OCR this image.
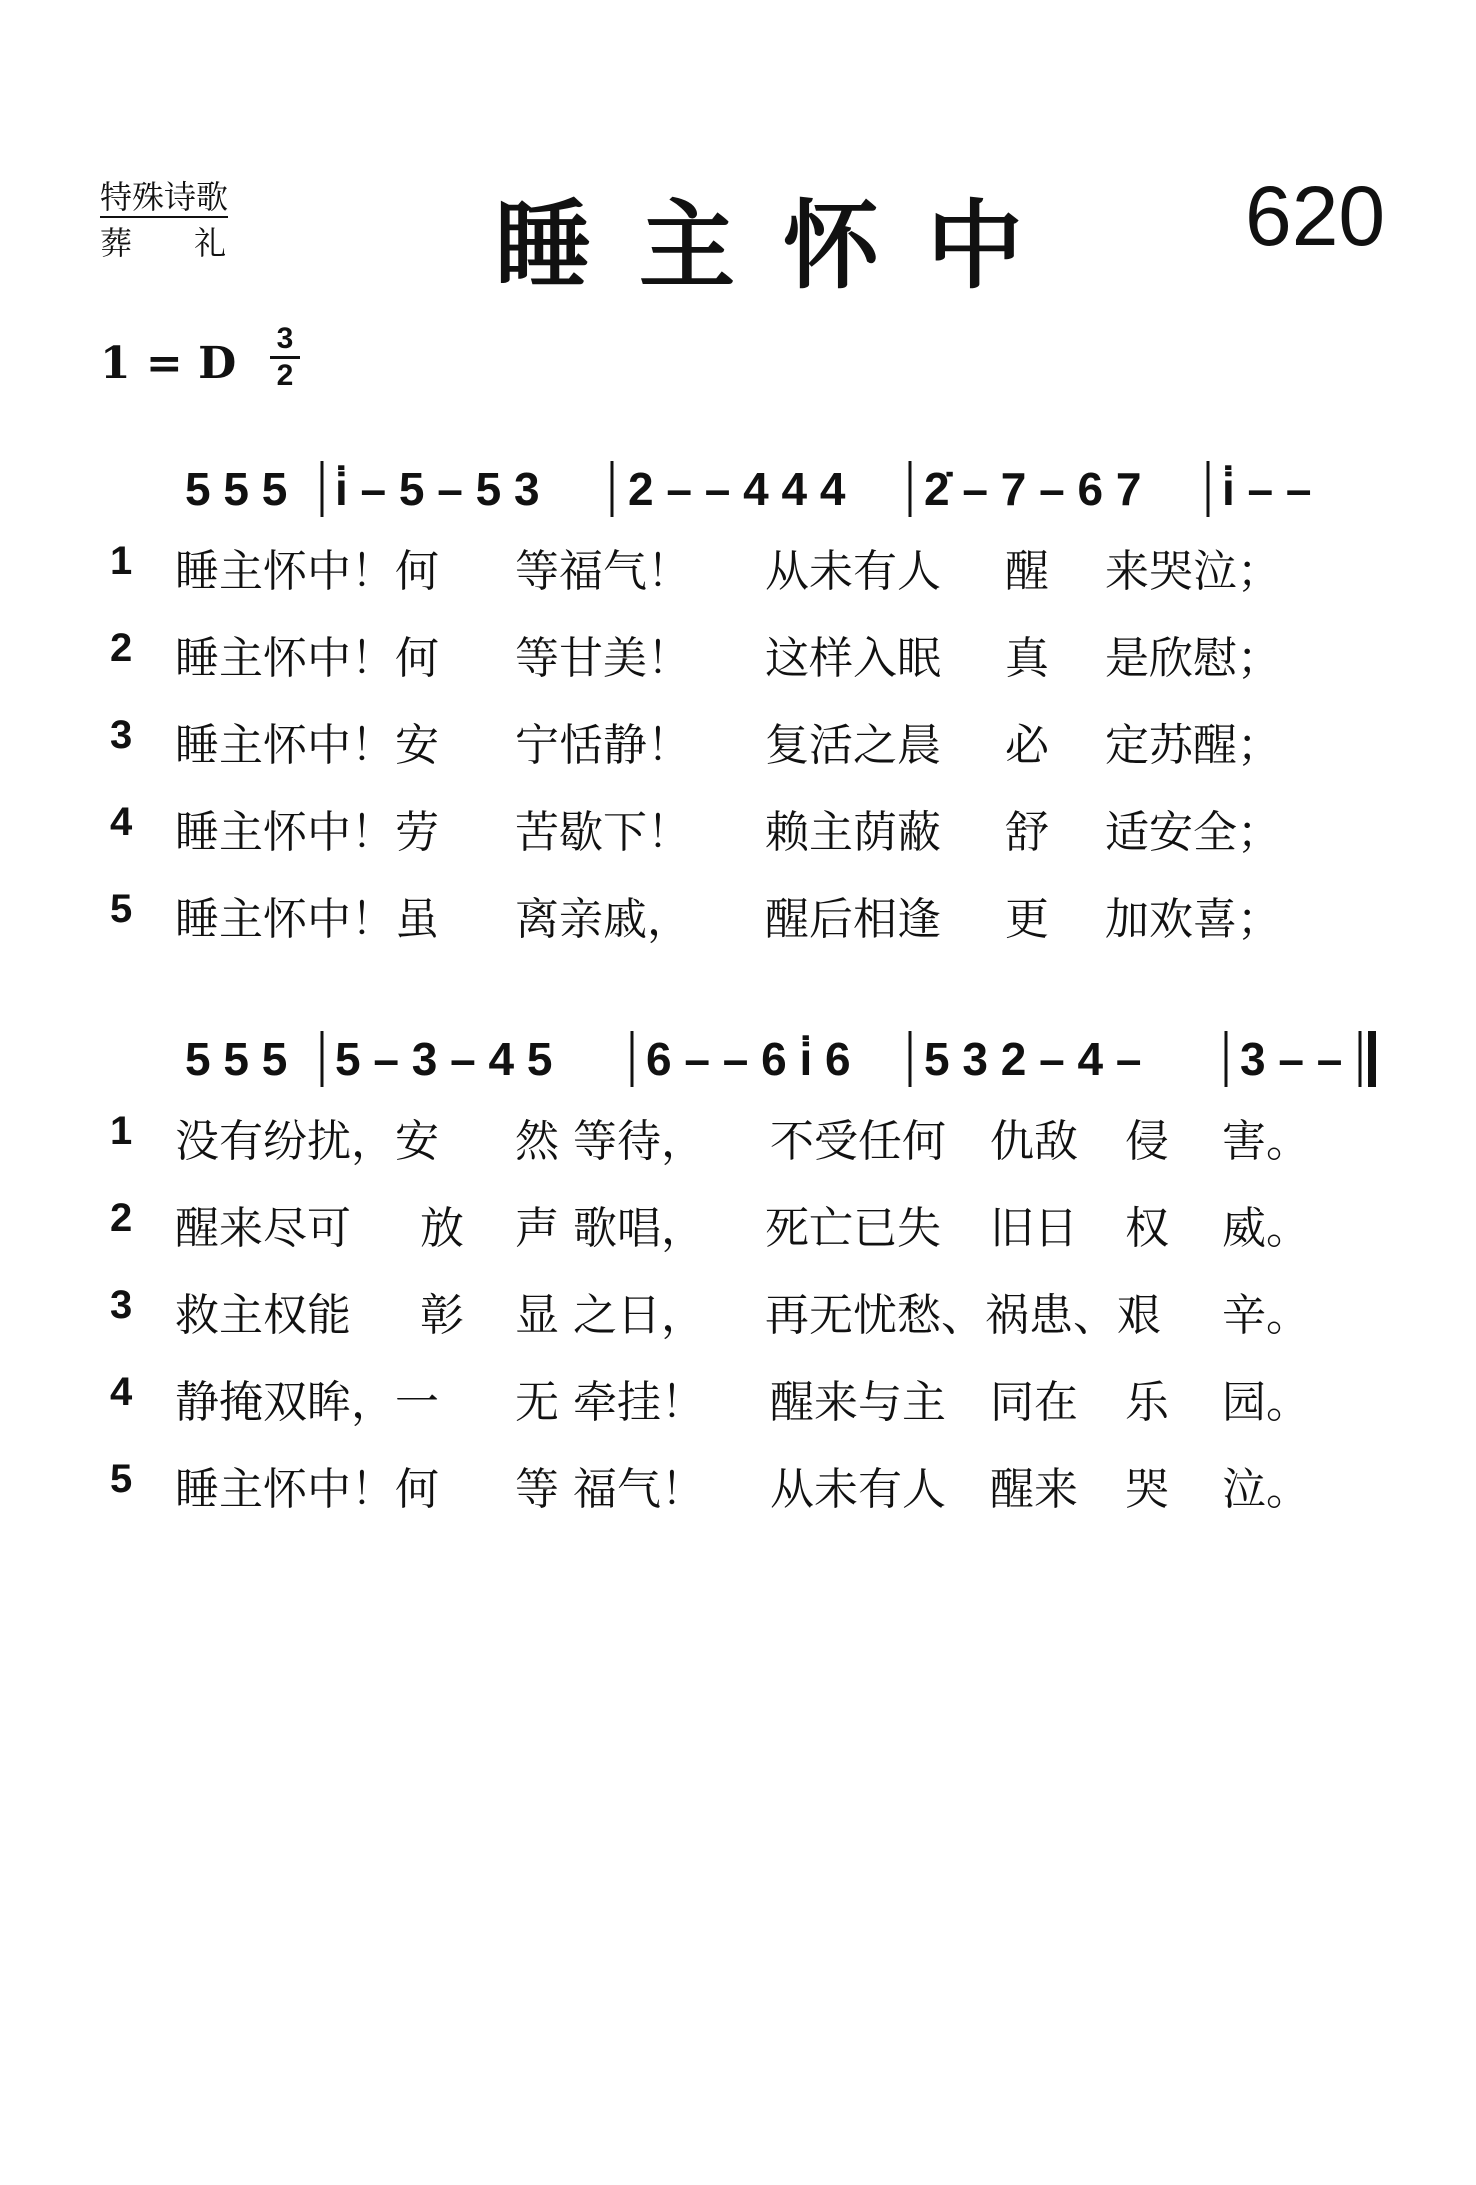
特殊诗歌
葬 礼	睡主怀中 620
1 = D 3
2
5 5 5 i̇ – 5 – 5 3 2 – – 4 4 4 2̇ – 7 – 6 7 i̇ – –
1 睡主怀中！何 等福气！ 从未有人 醒 来哭泣；
2 睡主怀中！何 等甘美！ 这样入眠 真 是欣慰；
3 睡主怀中！安 宁恬静！ 复活之晨 必 定苏醒；
4 睡主怀中！劳 苦歇下！ 赖主荫蔽 舒 适安全；
5 睡主怀中！虽 离亲戚， 醒后相逢 更 加欢喜；
5 5 5 5 – 3 – 4 5 6 – – 6 i̇ 6 5 3 2 – 4 – 3 – –
1 没有纷扰，安 然 等待， 不受任何 仇敌 侵 害。
2 醒来尽可 放 声 歌唱， 死亡已失 旧日 权 威。
3 救主权能 彰 显 之日， 再无忧愁、祸患、艰 辛。
4 静掩双眸，一 无 牵挂！ 醒来与主 同在 乐 园。
5 睡主怀中！何 等 福气！ 从未有人 醒来 哭 泣。
